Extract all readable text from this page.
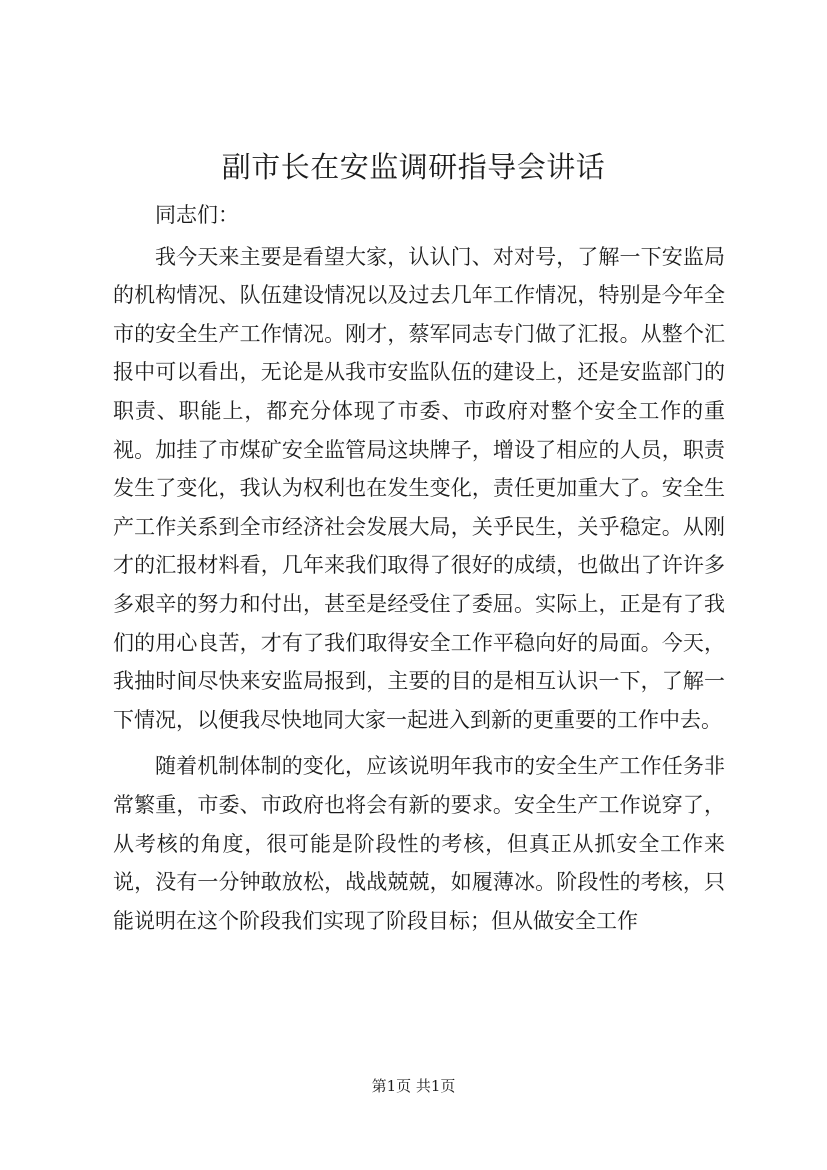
副市长在安监调研指导会讲话

同志们：

我今天来主要是看望大家，认认门、对对号，了解一下安监局的机构情况、队伍建设情况以及过去几年工作情况，特别是今年全市的安全生产工作情况。刚才，蔡军同志专门做了汇报。从整个汇报中可以看出，无论是从我市安监队伍的建设上，还是安监部门的职责、职能上，都充分体现了市委、市政府对整个安全工作的重视。加挂了市煤矿安全监管局这块牌子，增设了相应的人员，职责发生了变化，我认为权利也在发生变化，责任更加重大了。安全生产工作关系到全市经济社会发展大局，关乎民生，关乎稳定。从刚才的汇报材料看，几年来我们取得了很好的成绩，也做出了许许多多艰辛的努力和付出，甚至是经受住了委屈。实际上，正是有了我们的用心良苦，才有了我们取得安全工作平稳向好的局面。今天，我抽时间尽快来安监局报到，主要的目的是相互认识一下，了解一下情况，以便我尽快地同大家一起进入到新的更重要的工作中去。

随着机制体制的变化，应该说明年我市的安全生产工作任务非常繁重，市委、市政府也将会有新的要求。安全生产工作说穿了，从考核的角度，很可能是阶段性的考核，但真正从抓安全工作来说，没有一分钟敢放松，战战兢兢，如履薄冰。阶段性的考核，只能说明在这个阶段我们实现了阶段目标；但从做安全工作

第1页 共1页
